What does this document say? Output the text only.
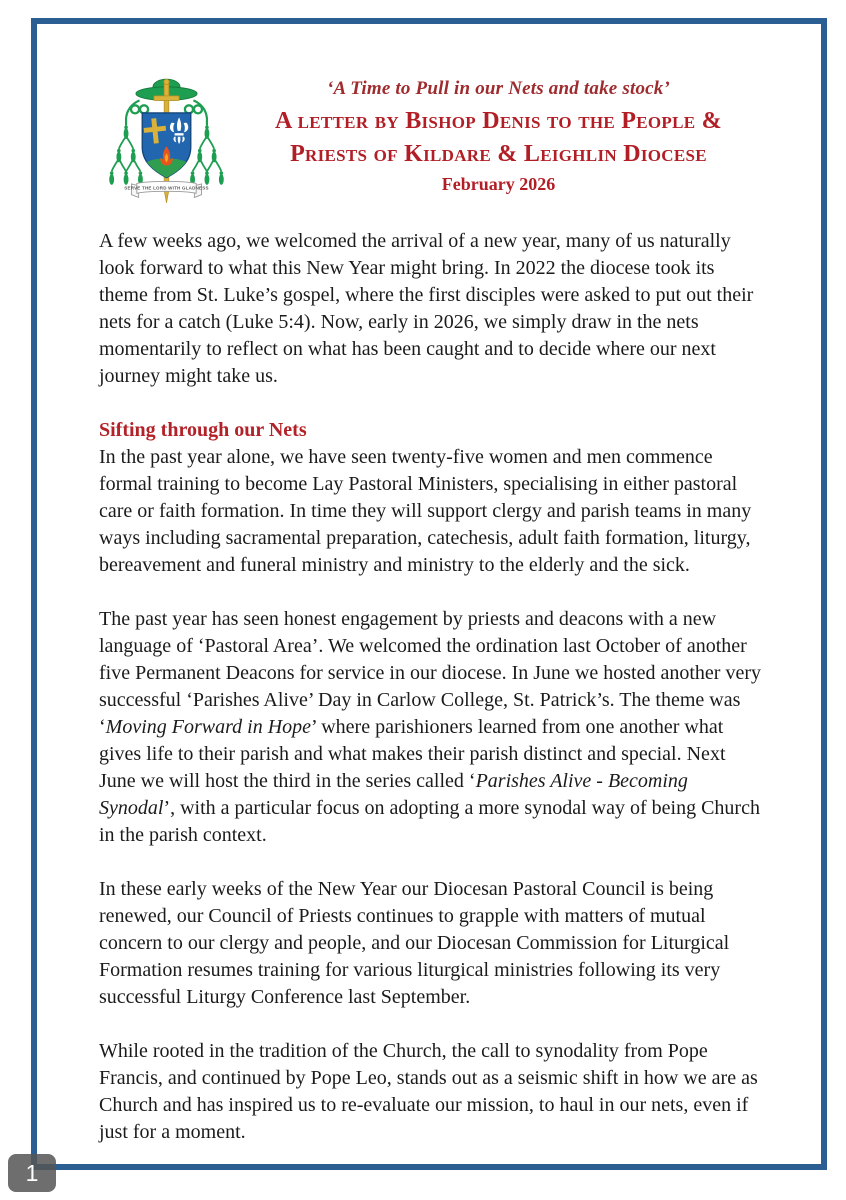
SERVE THE LORD WITH GLADNESS
‘A Time to Pull in our Nets and take stock’
A letter by Bishop Denis to the People &
Priests of Kildare & Leighlin Diocese
February 2026

A few weeks ago, we welcomed the arrival of a new year, many of us naturally look forward to what this New Year might bring. In 2022 the diocese took its theme from St. Luke’s gospel, where the first disciples were asked to put out their nets for a catch (Luke 5:4). Now, early in 2026, we simply draw in the nets momentarily to reflect on what has been caught and to decide where our next journey might take us.

Sifting through our Nets

In the past year alone, we have seen twenty-five women and men commence formal training to become Lay Pastoral Ministers, specialising in either pastoral care or faith formation. In time they will support clergy and parish teams in many ways including sacramental preparation, catechesis, adult faith formation, liturgy, bereavement and funeral ministry and ministry to the elderly and the sick.

The past year has seen honest engagement by priests and deacons with a new language of ‘Pastoral Area’. We welcomed the ordination last October of another five Permanent Deacons for service in our diocese. In June we hosted another very successful ‘Parishes Alive’ Day in Carlow College, St. Patrick’s. The theme was ‘Moving Forward in Hope’ where parishioners learned from one another what gives life to their parish and what makes their parish distinct and special. Next June we will host the third in the series called ‘Parishes Alive - Becoming Synodal’, with a particular focus on adopting a more synodal way of being Church in the parish context.

In these early weeks of the New Year our Diocesan Pastoral Council is being renewed, our Council of Priests continues to grapple with matters of mutual concern to our clergy and people, and our Diocesan Commission for Liturgical Formation resumes training for various liturgical ministries following its very successful Liturgy Conference last September.

While rooted in the tradition of the Church, the call to synodality from Pope Francis, and continued by Pope Leo, stands out as a seismic shift in how we are as Church and has inspired us to re-evaluate our mission, to haul in our nets, even if just for a moment.

1
